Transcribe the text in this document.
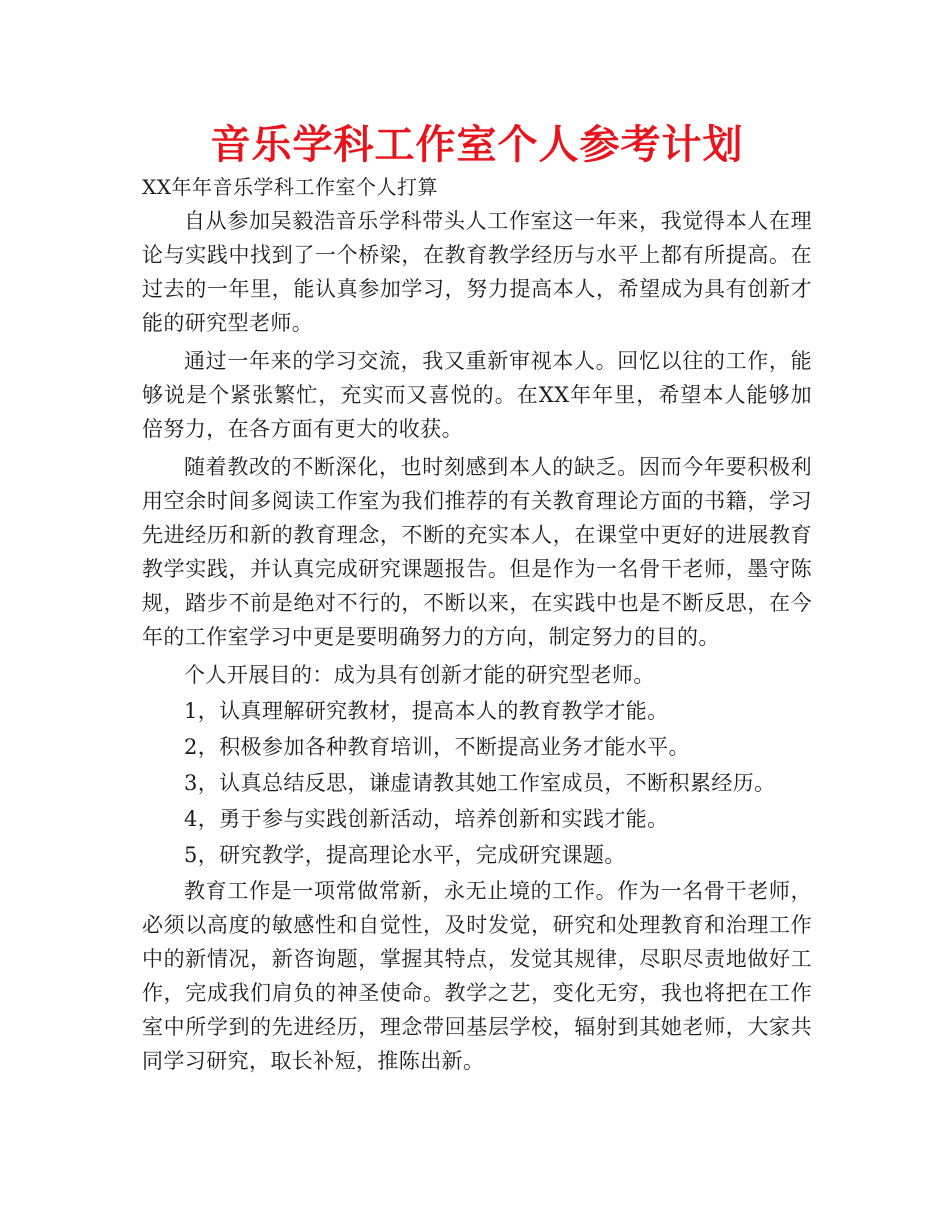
音乐学科工作室个人参考计划

XX年年音乐学科工作室个人打算

自从参加吴毅浩音乐学科带头人工作室这一年来，我觉得本人在理论与实践中找到了一个桥梁，在教育教学经历与水平上都有所提高。在过去的一年里，能认真参加学习，努力提高本人，希望成为具有创新才能的研究型老师。

通过一年来的学习交流，我又重新审视本人。回忆以往的工作，能够说是个紧张繁忙，充实而又喜悦的。在XX年年里，希望本人能够加倍努力，在各方面有更大的收获。

随着教改的不断深化，也时刻感到本人的缺乏。因而今年要积极利用空余时间多阅读工作室为我们推荐的有关教育理论方面的书籍，学习先进经历和新的教育理念，不断的充实本人，在课堂中更好的进展教育教学实践，并认真完成研究课题报告。但是作为一名骨干老师，墨守陈规，踏步不前是绝对不行的，不断以来，在实践中也是不断反思，在今年的工作室学习中更是要明确努力的方向，制定努力的目的。

个人开展目的：成为具有创新才能的研究型老师。

1，认真理解研究教材，提高本人的教育教学才能。

2，积极参加各种教育培训，不断提高业务才能水平。

3，认真总结反思，谦虚请教其她工作室成员，不断积累经历。

4，勇于参与实践创新活动，培养创新和实践才能。

5，研究教学，提高理论水平，完成研究课题。

教育工作是一项常做常新，永无止境的工作。作为一名骨干老师，必须以高度的敏感性和自觉性，及时发觉，研究和处理教育和治理工作中的新情况，新咨询题，掌握其特点，发觉其规律，尽职尽责地做好工作，完成我们肩负的神圣使命。教学之艺，变化无穷，我也将把在工作室中所学到的先进经历，理念带回基层学校，辐射到其她老师，大家共同学习研究，取长补短，推陈出新。
